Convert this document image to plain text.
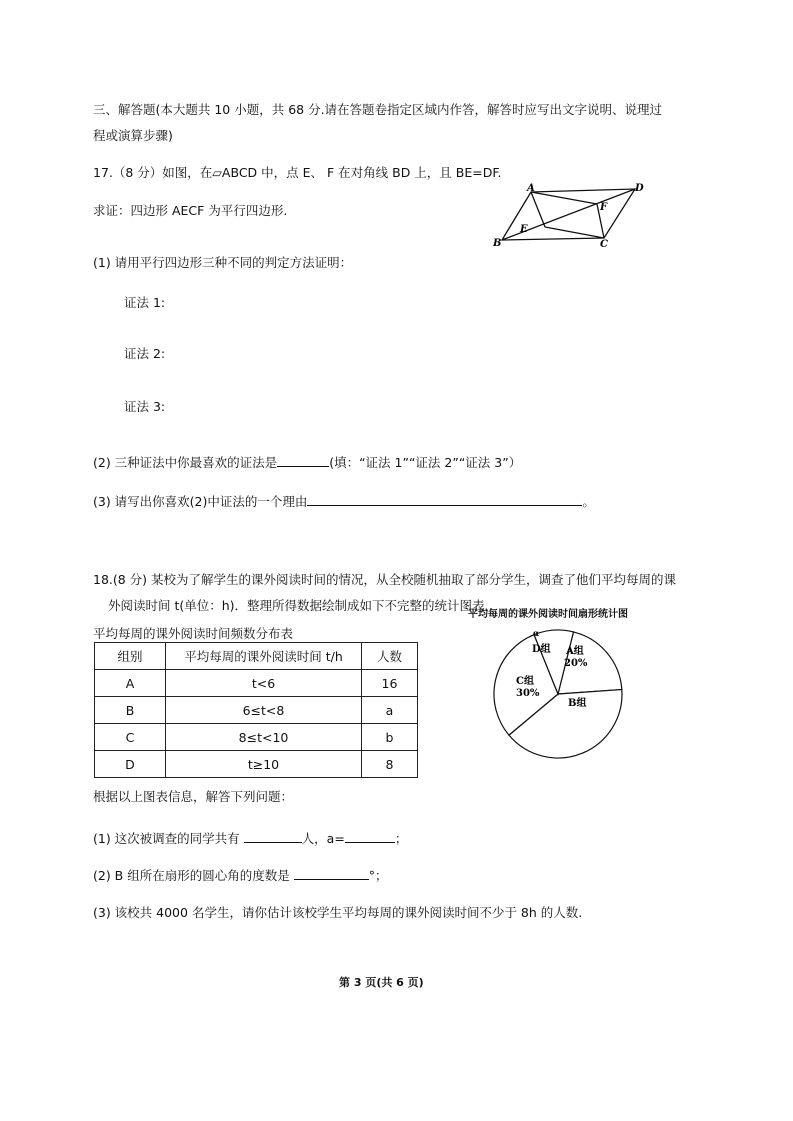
三、解答题(本大题共 10 小题，共 68 分.请在答题卷指定区域内作答，解答时应写出文字说明、说理过
程或演算步骤)
17.（8 分）如图，在▱ABCD 中，点 E、 F 在对角线 BD 上，且 BE=DF.
求证：四边形 AECF 为平行四边形.
A	D
F
E
B	C
(1) 请用平行四边形三种不同的判定方法证明：
证法 1:
证法 2:
证法 3:
(2) 三种证法中你最喜欢的证法是	(填：“证法 1”“证法 2”“证法 3”）
(3) 请写出你喜欢(2)中证法的一个理由	。
18.(8 分) 某校为了解学生的课外阅读时间的情况，从全校随机抽取了部分学生，调查了他们平均每周的课
外阅读时间 t(单位：h)．整理所得数据绘制成如下不完整的统计图表．
平均每周的课外阅读时间频数分布表
组别	平均每周的课外阅读时间 t/h	人数
A	t<6	16
B	6≤t<8	a
C	8≤t<10	b
D	t≥10	8
平均每周的课外阅读时间扇形统计图
A组
20%
B组
C组
30%
D组
α
根据以上图表信息，解答下列问题：
(1) 这次被调查的同学共有	人，a=	；
(2) B 组所在扇形的圆心角的度数是	°；
(3) 该校共 4000 名学生，请你估计该校学生平均每周的课外阅读时间不少于 8h 的人数.
第 3 页(共 6 页)
